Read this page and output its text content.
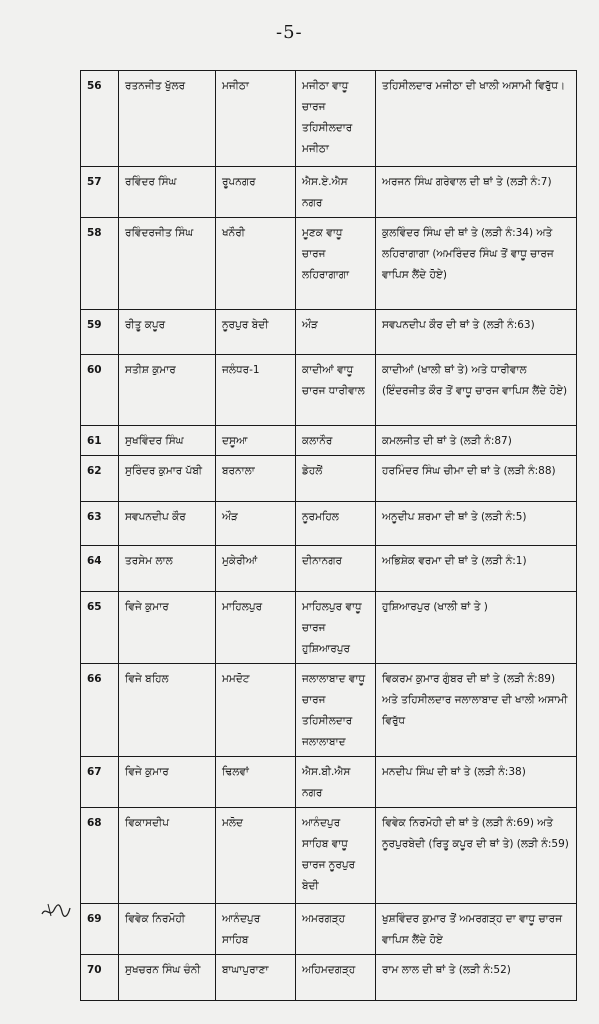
-5-
56	ਰਤਨਜੀਤ ਖੁੱਲਰ	ਮਜੀਠਾ	ਮਜੀਠਾ ਵਾਧੂ ਚਾਰਜ ਤਹਿਸੀਲਦਾਰ ਮਜੀਠਾ	ਤਹਿਸੀਲਦਾਰ ਮਜੀਠਾ ਦੀ ਖਾਲੀ ਅਸਾਮੀ ਵਿਰੁੱਧ।
57	ਰਵਿੰਦਰ ਸਿੰਘ	ਰੂਪਨਗਰ	ਐਸ.ਏ.ਐਸ ਨਗਰ	ਅਰਜਨ ਸਿੰਘ ਗਰੇਵਾਲ ਦੀ ਥਾਂ ਤੇ (ਲੜੀ ਨੰ:7)
58	ਰਵਿੰਦਰਜੀਤ ਸਿੰਘ	ਖਨੌਰੀ	ਮੂਣਕ ਵਾਧੂ ਚਾਰਜ ਲਹਿਰਾਗਾਗਾ	ਕੁਲਵਿੰਦਰ ਸਿੰਘ ਦੀ ਥਾਂ ਤੇ (ਲੜੀ ਨੰ:34) ਅਤੇ ਲਹਿਰਾਗਾਗਾ (ਅਮਰਿੰਦਰ ਸਿੰਘ ਤੋਂ ਵਾਧੂ ਚਾਰਜ ਵਾਪਿਸ ਲੈਂਦੇ ਹੋਏ)
59	ਰੀਤੂ ਕਪੂਰ	ਨੂਰਪੁਰ ਬੇਦੀ	ਔੜ	ਸਵਪਨਦੀਪ ਕੌਰ ਦੀ ਥਾਂ ਤੇ (ਲੜੀ ਨੰ:63)
60	ਸਤੀਸ਼ ਕੁਮਾਰ	ਜਲੰਧਰ-1	ਕਾਦੀਆਂ ਵਾਧੂ ਚਾਰਜ ਧਾਰੀਵਾਲ	ਕਾਦੀਆਂ (ਖਾਲੀ ਥਾਂ ਤੇ) ਅਤੇ ਧਾਰੀਵਾਲ (ਇੰਦਰਜੀਤ ਕੌਰ ਤੋਂ ਵਾਧੂ ਚਾਰਜ ਵਾਪਿਸ ਲੈਂਦੇ ਹੋਏ)
61	ਸੁਖਵਿੰਦਰ ਸਿੰਘ	ਦਸੂਆ	ਕਲਾਨੌਰ	ਕਮਲਜੀਤ ਦੀ ਥਾਂ ਤੇ (ਲੜੀ ਨੰ:87)
62	ਸੁਰਿੰਦਰ ਕੁਮਾਰ ਪੱਬੀ	ਬਰਨਾਲਾ	ਡੇਹਲੋਂ	ਹਰਮਿੰਦਰ ਸਿੰਘ ਚੀਮਾ ਦੀ ਥਾਂ ਤੇ (ਲੜੀ ਨੰ:88)
63	ਸਵਪਨਦੀਪ ਕੌਰ	ਔੜ	ਨੂਰਮਹਿਲ	ਅਨੂਦੀਪ ਸ਼ਰਮਾ ਦੀ ਥਾਂ ਤੇ (ਲੜੀ ਨੰ:5)
64	ਤਰਸੇਮ ਲਾਲ	ਮੁਕੇਰੀਆਂ	ਦੀਨਾਨਗਰ	ਅਭਿਸ਼ੇਕ ਵਰਮਾ ਦੀ ਥਾਂ ਤੇ (ਲੜੀ ਨੰ:1)
65	ਵਿਜੇ ਕੁਮਾਰ	ਮਾਹਿਲਪੁਰ	ਮਾਹਿਲਪੁਰ ਵਾਧੂ ਚਾਰਜ ਹੁਸ਼ਿਆਰਪੁਰ	ਹੁਸ਼ਿਆਰਪੁਰ (ਖਾਲੀ ਥਾਂ ਤੇ )
66	ਵਿਜੇ ਬਹਿਲ	ਮਮਦੋਟ	ਜਲਾਲਾਬਾਦ ਵਾਧੂ ਚਾਰਜ ਤਹਿਸੀਲਦਾਰ ਜਲਾਲਾਬਾਦ	ਵਿਕਰਮ ਕੁਮਾਰ ਗੁੰਬਰ ਦੀ ਥਾਂ ਤੇ (ਲੜੀ ਨੰ:89) ਅਤੇ ਤਹਿਸੀਲਦਾਰ ਜਲਾਲਾਬਾਦ ਦੀ ਖਾਲੀ ਅਸਾਮੀ ਵਿਰੁੱਧ
67	ਵਿਜੇ ਕੁਮਾਰ	ਢਿਲਵਾਂ	ਐਸ.ਬੀ.ਐਸ ਨਗਰ	ਮਨਦੀਪ ਸਿੰਘ ਦੀ ਥਾਂ ਤੇ (ਲੜੀ ਨੰ:38)
68	ਵਿਕਾਸਦੀਪ	ਮਲੋਦ	ਆਨੰਦਪੁਰ ਸਾਹਿਬ ਵਾਧੂ ਚਾਰਜ ਨੂਰਪੁਰ ਬੇਦੀ	ਵਿਵੇਕ ਨਿਰਮੋਹੀ ਦੀ ਥਾਂ ਤੇ (ਲੜੀ ਨੰ:69) ਅਤੇ ਨੂਰਪੁਰਬੇਦੀ (ਰਿਤੂ ਕਪੂਰ ਦੀ ਥਾਂ ਤੇ) (ਲੜੀ ਨੰ:59)
69	ਵਿਵੇਕ ਨਿਰਮੋਹੀ	ਆਨੰਦਪੁਰ ਸਾਹਿਬ	ਅਮਰਗੜ੍ਹ	ਖੁਸ਼ਵਿੰਦਰ ਕੁਮਾਰ ਤੋਂ ਅਮਰਗੜ੍ਹ ਦਾ ਵਾਧੂ ਚਾਰਜ ਵਾਪਿਸ ਲੈਂਦੇ ਹੋਏ
70	ਸੁਖਚਰਨ ਸਿੰਘ ਚੰਨੀ	ਬਾਘਾਪੁਰਾਣਾ	ਅਹਿਮਦਗੜ੍ਹ	ਰਾਮ ਲਾਲ ਦੀ ਥਾਂ ਤੇ (ਲੜੀ ਨੰ:52)
